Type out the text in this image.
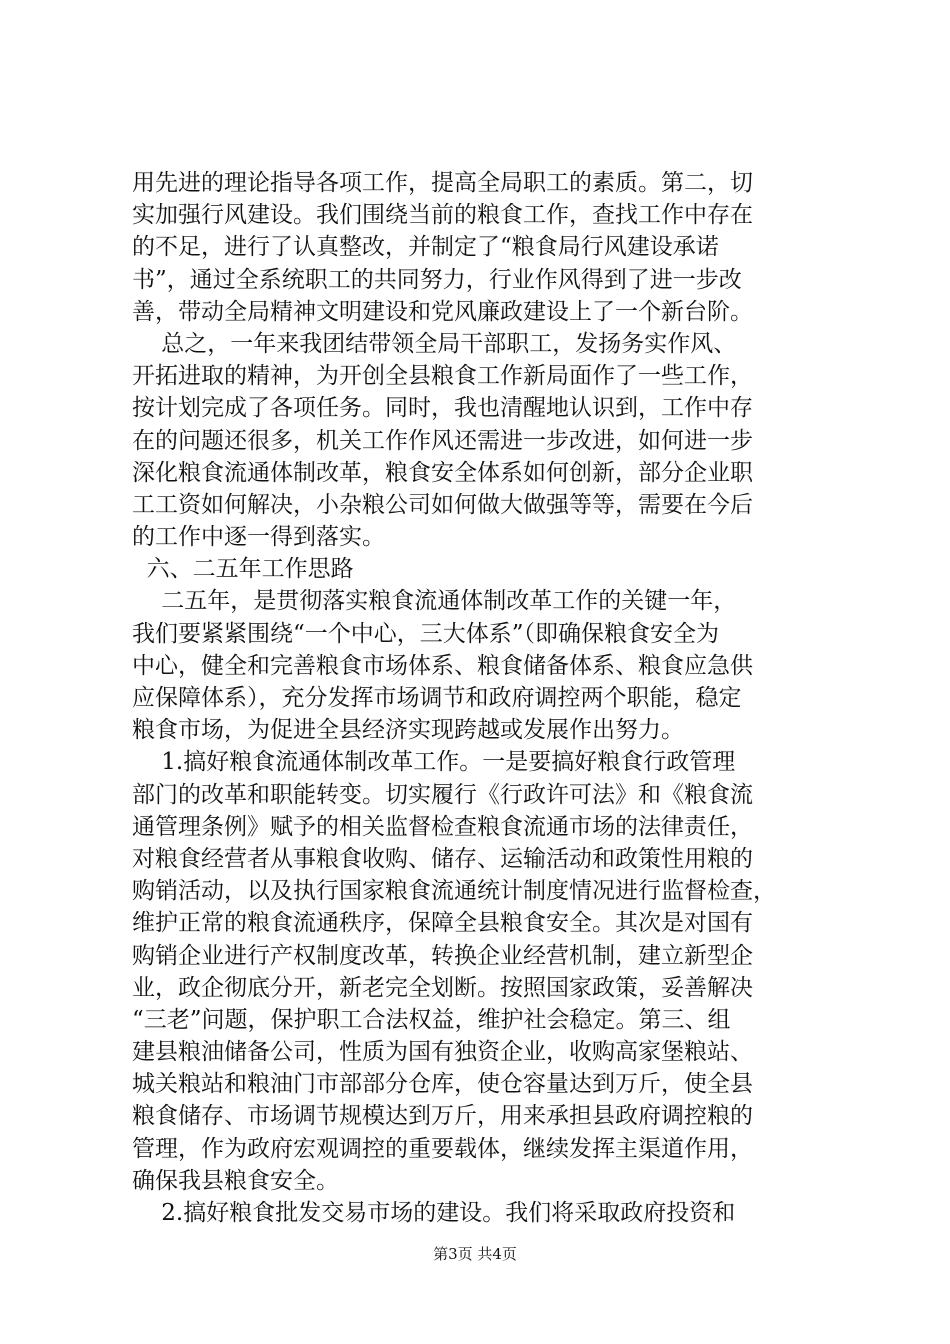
用先进的理论指导各项工作，提高全局职工的素质。第二，切
实加强行风建设。我们围绕当前的粮食工作，查找工作中存在
的不足，进行了认真整改，并制定了“粮食局行风建设承诺
书”，通过全系统职工的共同努力，行业作风得到了进一步改
善，带动全局精神文明建设和党风廉政建设上了一个新台阶。
总之，一年来我团结带领全局干部职工，发扬务实作风、
开拓进取的精神，为开创全县粮食工作新局面作了一些工作，
按计划完成了各项任务。同时，我也清醒地认识到，工作中存
在的问题还很多，机关工作作风还需进一步改进，如何进一步
深化粮食流通体制改革，粮食安全体系如何创新，部分企业职
工工资如何解决，小杂粮公司如何做大做强等等，需要在今后
的工作中逐一得到落实。
六、二五年工作思路
二五年，是贯彻落实粮食流通体制改革工作的关键一年，
我们要紧紧围绕“一个中心，三大体系”（即确保粮食安全为
中心，健全和完善粮食市场体系、粮食储备体系、粮食应急供
应保障体系），充分发挥市场调节和政府调控两个职能，稳定
粮食市场，为促进全县经济实现跨越或发展作出努力。
1.搞好粮食流通体制改革工作。一是要搞好粮食行政管理
部门的改革和职能转变。切实履行《行政许可法》和《粮食流
通管理条例》赋予的相关监督检查粮食流通市场的法律责任，
对粮食经营者从事粮食收购、储存、运输活动和政策性用粮的
购销活动，以及执行国家粮食流通统计制度情况进行监督检查，
维护正常的粮食流通秩序，保障全县粮食安全。其次是对国有
购销企业进行产权制度改革，转换企业经营机制，建立新型企
业，政企彻底分开，新老完全划断。按照国家政策，妥善解决
“三老”问题，保护职工合法权益，维护社会稳定。第三、组
建县粮油储备公司，性质为国有独资企业，收购高家堡粮站、
城关粮站和粮油门市部部分仓库，使仓容量达到万斤，使全县
粮食储存、市场调节规模达到万斤，用来承担县政府调控粮的
管理，作为政府宏观调控的重要载体，继续发挥主渠道作用，
确保我县粮食安全。
2.搞好粮食批发交易市场的建设。我们将采取政府投资和
第3页 共4页
